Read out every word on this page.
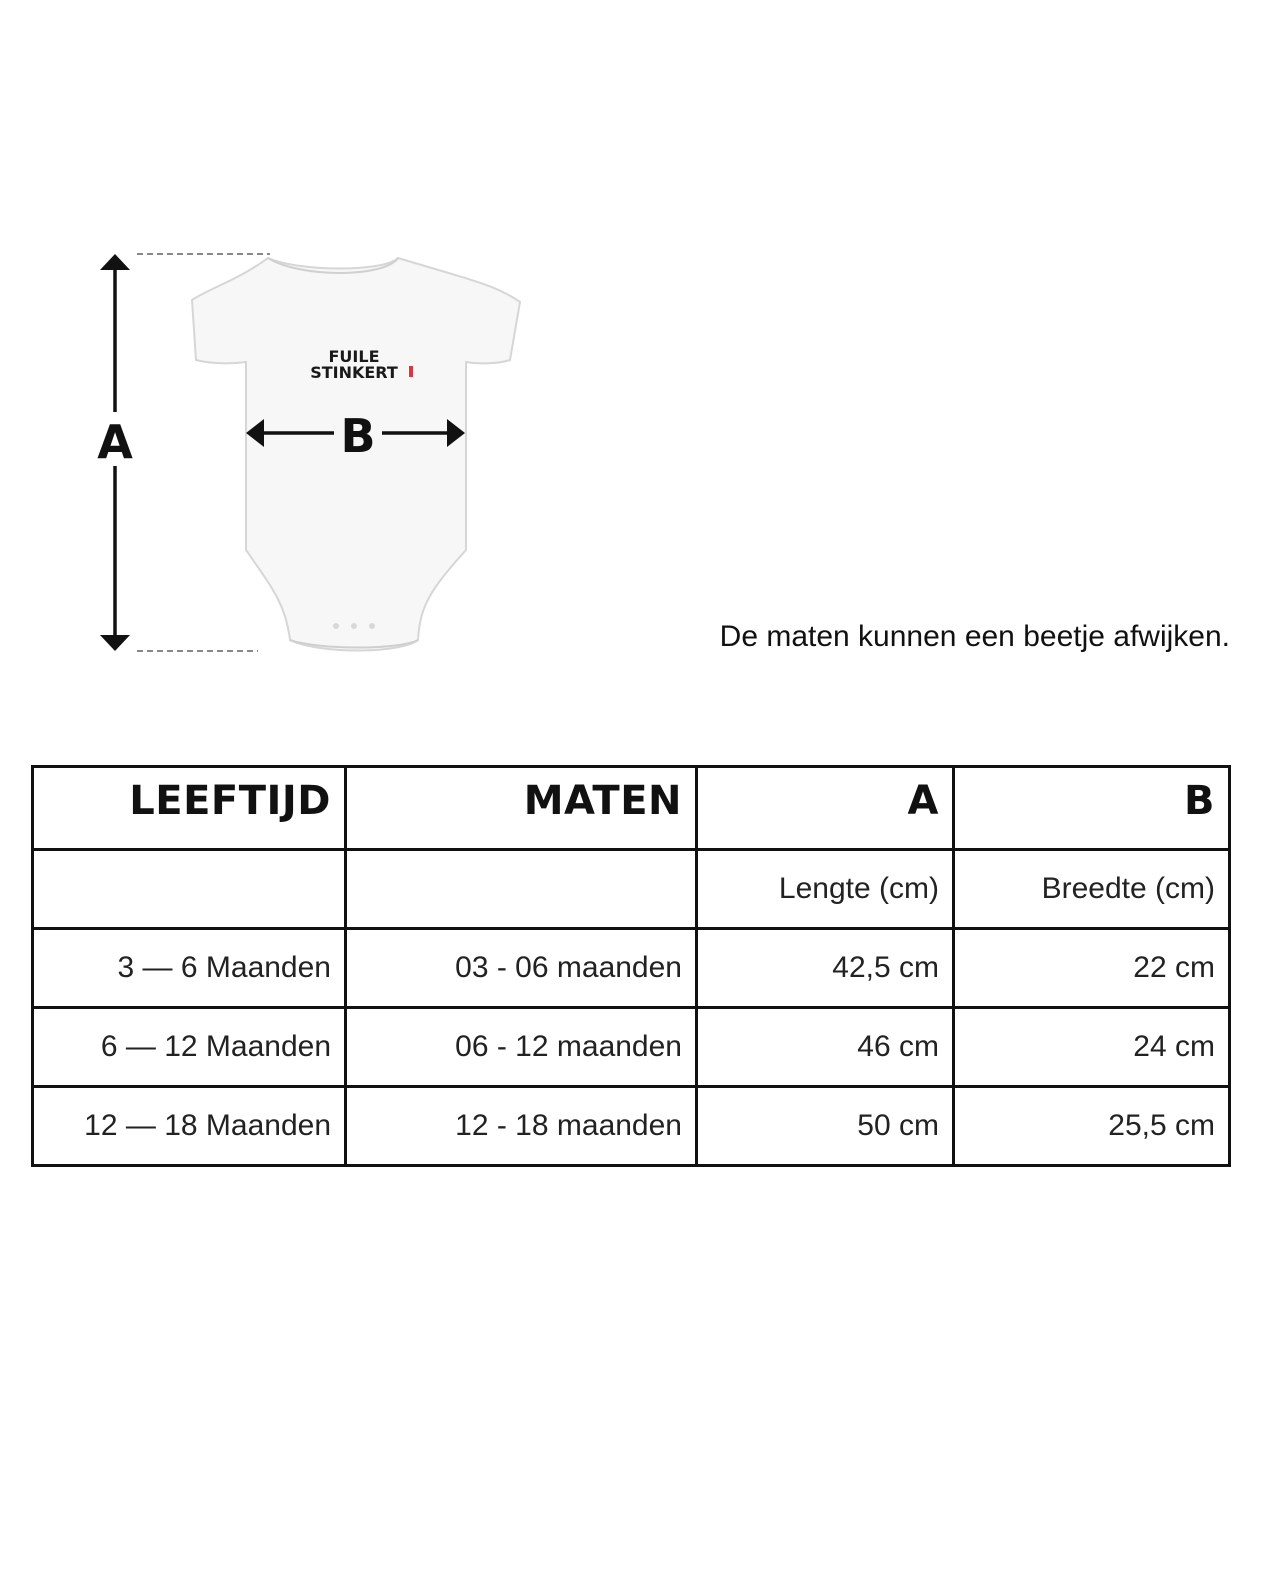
A
FUILE
STINKERT
B
De maten kunnen een beetje afwijken.
LEEFTIJD	MATEN	A	B
		Lengte (cm)	Breedte (cm)
3 — 6 Maanden	03 - 06 maanden	42,5 cm	22 cm
6 — 12 Maanden	06 - 12 maanden	46 cm	24 cm
12 — 18 Maanden	12 - 18 maanden	50 cm	25,5 cm
